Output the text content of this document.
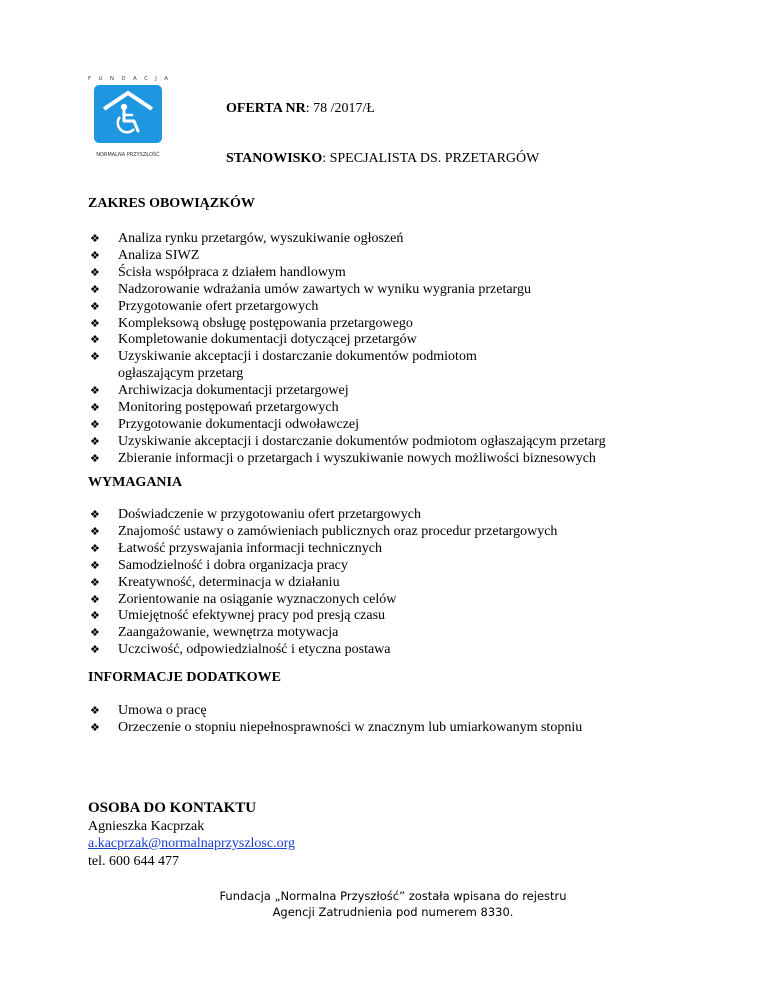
F U N D A C J A
NORMALNA PRZYSZŁOŚĆ
OFERTA NR: 78 /2017/Ł
STANOWISKO: SPECJALISTA DS. PRZETARGÓW
ZAKRES OBOWIĄZKÓW
❖ Analiza rynku przetargów, wyszukiwanie ogłoszeń
❖ Analiza SIWZ
❖ Ścisła współpraca z działem handlowym
❖ Nadzorowanie wdrażania umów zawartych w wyniku wygrania przetargu
❖ Przygotowanie ofert przetargowych
❖ Kompleksową obsługę postępowania przetargowego
❖ Kompletowanie dokumentacji dotyczącej przetargów
❖ Uzyskiwanie akceptacji i dostarczanie dokumentów podmiotom ogłaszającym przetarg
❖ Archiwizacja dokumentacji przetargowej
❖ Monitoring postępowań przetargowych
❖ Przygotowanie dokumentacji odwoławczej
❖ Uzyskiwanie akceptacji i dostarczanie dokumentów podmiotom ogłaszającym przetarg
❖ Zbieranie informacji o przetargach i wyszukiwanie nowych możliwości biznesowych
WYMAGANIA
❖ Doświadczenie w przygotowaniu ofert przetargowych
❖ Znajomość ustawy o zamówieniach publicznych oraz procedur przetargowych
❖ Łatwość przyswajania informacji technicznych
❖ Samodzielność i dobra organizacja pracy
❖ Kreatywność, determinacja w działaniu
❖ Zorientowanie na osiąganie wyznaczonych celów
❖ Umiejętność efektywnej pracy pod presją czasu
❖ Zaangażowanie, wewnętrza motywacja
❖ Uczciwość, odpowiedzialność i etyczna postawa
INFORMACJE DODATKOWE
❖ Umowa o pracę
❖ Orzeczenie o stopniu niepełnosprawności w znacznym lub umiarkowanym stopniu
OSOBA DO KONTAKTU
Agnieszka Kacprzak
a.kacprzak@normalnaprzyszlosc.org
tel. 600 644 477
Fundacja „Normalna Przyszłość” została wpisana do rejestru
Agencji Zatrudnienia pod numerem 8330.
